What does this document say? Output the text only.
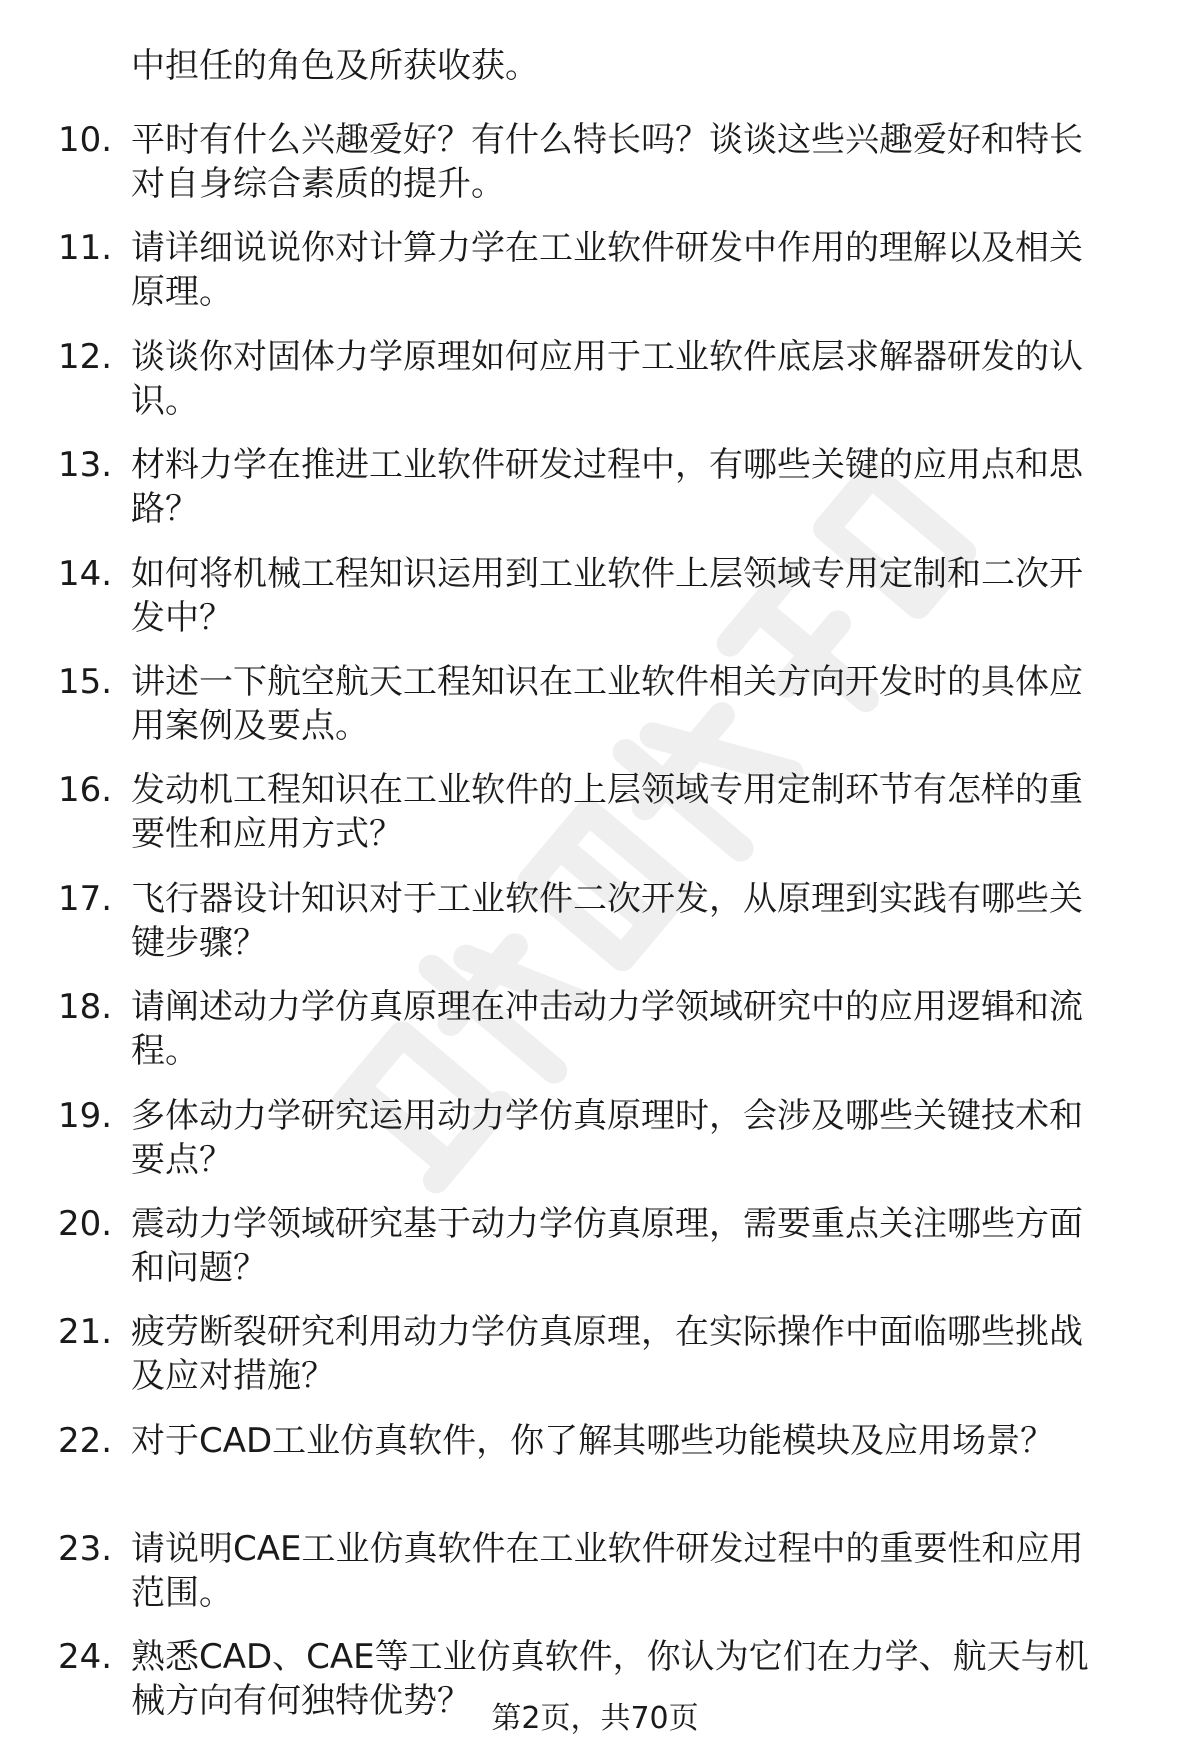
中担任的角色及所获收获。
10. 平时有什么兴趣爱好？有什么特长吗？谈谈这些兴趣爱好和特长
对自身综合素质的提升。
11. 请详细说说你对计算力学在工业软件研发中作用的理解以及相关
原理。
12. 谈谈你对固体力学原理如何应用于工业软件底层求解器研发的认
识。
13. 材料力学在推进工业软件研发过程中，有哪些关键的应用点和思
路？
14. 如何将机械工程知识运用到工业软件上层领域专用定制和二次开
发中？
15. 讲述一下航空航天工程知识在工业软件相关方向开发时的具体应
用案例及要点。
16. 发动机工程知识在工业软件的上层领域专用定制环节有怎样的重
要性和应用方式？
17. 飞行器设计知识对于工业软件二次开发，从原理到实践有哪些关
键步骤？
18. 请阐述动力学仿真原理在冲击动力学领域研究中的应用逻辑和流
程。
19. 多体动力学研究运用动力学仿真原理时，会涉及哪些关键技术和
要点？
20. 震动力学领域研究基于动力学仿真原理，需要重点关注哪些方面
和问题？
21. 疲劳断裂研究利用动力学仿真原理，在实际操作中面临哪些挑战
及应对措施？
22. 对于CAD工业仿真软件，你了解其哪些功能模块及应用场景？
23. 请说明CAE工业仿真软件在工业软件研发过程中的重要性和应用
范围。
24. 熟悉CAD、CAE等工业仿真软件，你认为它们在力学、航天与机
械方向有何独特优势？ 第2页，共70页
